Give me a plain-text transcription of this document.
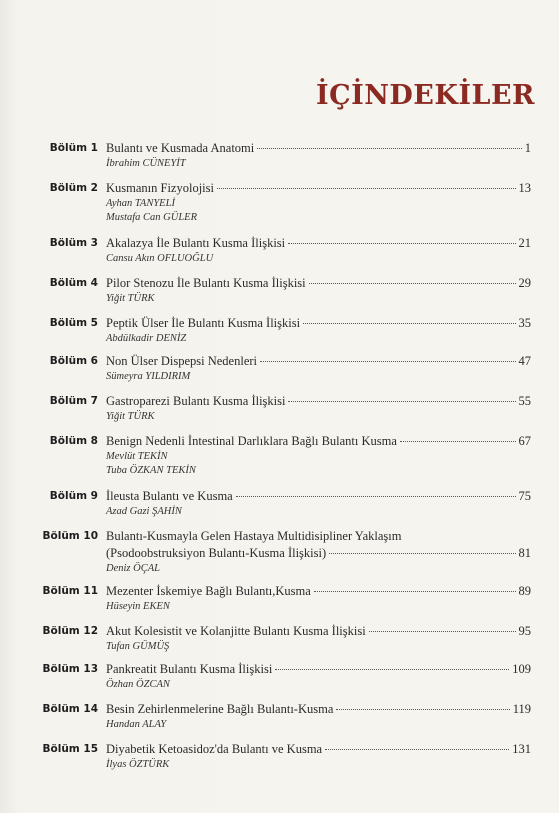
İÇİNDEKİLER
Bölüm 1 Bulantı ve Kusmada Anatomi	1
İbrahim CÜNEYİT
Bölüm 2 Kusmanın Fizyolojisi	13
Ayhan TANYELİ
Mustafa Can GÜLER
Bölüm 3 Akalazya İle Bulantı Kusma İlişkisi	21
Cansu Akın OFLUOĞLU
Bölüm 4 Pilor Stenozu İle Bulantı Kusma İlişkisi	29
Yiğit TÜRK
Bölüm 5 Peptik Ülser İle Bulantı Kusma İlişkisi	35
Abdülkadir DENİZ
Bölüm 6 Non Ülser Dispepsi Nedenleri	47
Sümeyra YILDIRIM
Bölüm 7 Gastroparezi Bulantı Kusma İlişkisi	55
Yiğit TÜRK
Bölüm 8 Benign Nedenli İntestinal Darlıklara Bağlı Bulantı Kusma	67
Mevlüt TEKİN
Tuba ÖZKAN TEKİN
Bölüm 9 İleusta Bulantı ve Kusma	75
Azad Gazi ŞAHİN
Bölüm 10 Bulantı-Kusmayla Gelen Hastaya Multidisipliner Yaklaşım
(Psodoobstruksiyon Bulantı-Kusma İlişkisi)	81
Deniz ÖÇAL
Bölüm 11 Mezenter İskemiye Bağlı Bulantı,Kusma	89
Hüseyin EKEN
Bölüm 12 Akut Kolesistit ve Kolanjitte Bulantı Kusma İlişkisi	95
Tufan GÜMÜŞ
Bölüm 13 Pankreatit Bulantı Kusma İlişkisi	109
Özhan ÖZCAN
Bölüm 14 Besin Zehirlenmelerine Bağlı Bulantı-Kusma	119
Handan ALAY
Bölüm 15 Diyabetik Ketoasidoz'da Bulantı ve Kusma	131
İlyas ÖZTÜRK
